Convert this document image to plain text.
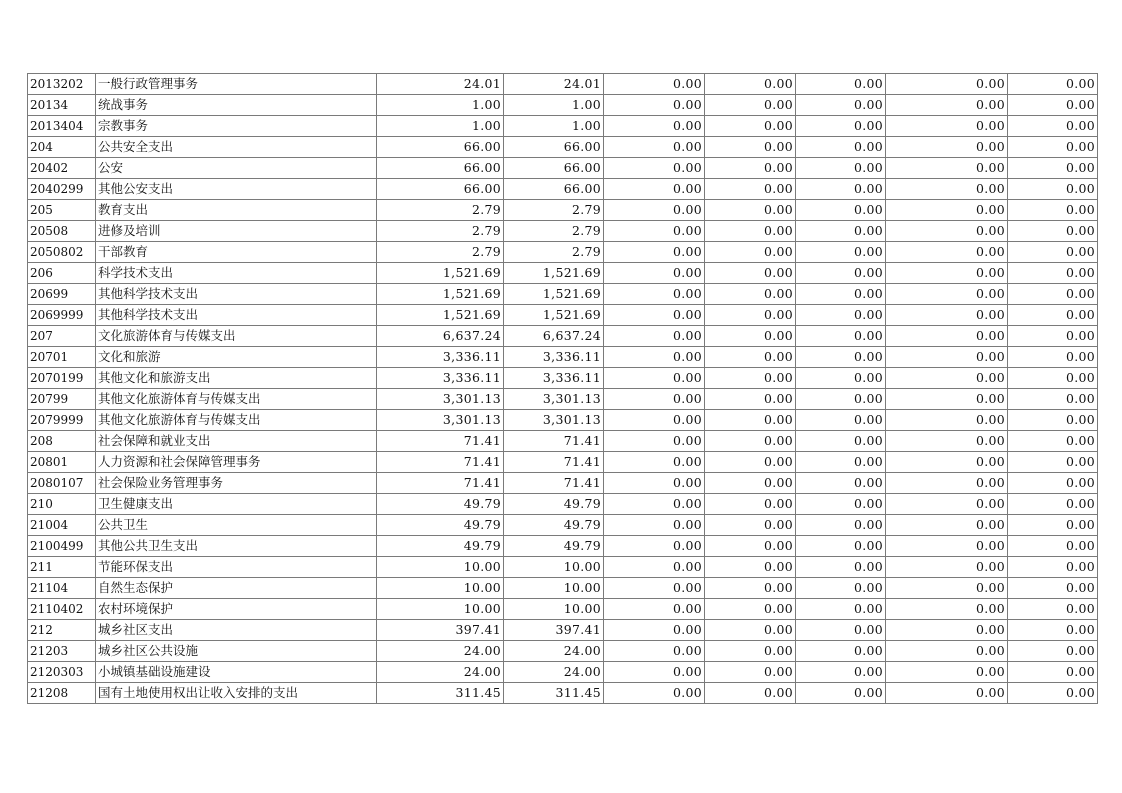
2013202	一般行政管理事务	24.01	24.01	0.00	0.00	0.00	0.00	0.00
20134	统战事务	1.00	1.00	0.00	0.00	0.00	0.00	0.00
2013404	宗教事务	1.00	1.00	0.00	0.00	0.00	0.00	0.00
204	公共安全支出	66.00	66.00	0.00	0.00	0.00	0.00	0.00
20402	公安	66.00	66.00	0.00	0.00	0.00	0.00	0.00
2040299	其他公安支出	66.00	66.00	0.00	0.00	0.00	0.00	0.00
205	教育支出	2.79	2.79	0.00	0.00	0.00	0.00	0.00
20508	进修及培训	2.79	2.79	0.00	0.00	0.00	0.00	0.00
2050802	干部教育	2.79	2.79	0.00	0.00	0.00	0.00	0.00
206	科学技术支出	1,521.69	1,521.69	0.00	0.00	0.00	0.00	0.00
20699	其他科学技术支出	1,521.69	1,521.69	0.00	0.00	0.00	0.00	0.00
2069999	其他科学技术支出	1,521.69	1,521.69	0.00	0.00	0.00	0.00	0.00
207	文化旅游体育与传媒支出	6,637.24	6,637.24	0.00	0.00	0.00	0.00	0.00
20701	文化和旅游	3,336.11	3,336.11	0.00	0.00	0.00	0.00	0.00
2070199	其他文化和旅游支出	3,336.11	3,336.11	0.00	0.00	0.00	0.00	0.00
20799	其他文化旅游体育与传媒支出	3,301.13	3,301.13	0.00	0.00	0.00	0.00	0.00
2079999	其他文化旅游体育与传媒支出	3,301.13	3,301.13	0.00	0.00	0.00	0.00	0.00
208	社会保障和就业支出	71.41	71.41	0.00	0.00	0.00	0.00	0.00
20801	人力资源和社会保障管理事务	71.41	71.41	0.00	0.00	0.00	0.00	0.00
2080107	社会保险业务管理事务	71.41	71.41	0.00	0.00	0.00	0.00	0.00
210	卫生健康支出	49.79	49.79	0.00	0.00	0.00	0.00	0.00
21004	公共卫生	49.79	49.79	0.00	0.00	0.00	0.00	0.00
2100499	其他公共卫生支出	49.79	49.79	0.00	0.00	0.00	0.00	0.00
211	节能环保支出	10.00	10.00	0.00	0.00	0.00	0.00	0.00
21104	自然生态保护	10.00	10.00	0.00	0.00	0.00	0.00	0.00
2110402	农村环境保护	10.00	10.00	0.00	0.00	0.00	0.00	0.00
212	城乡社区支出	397.41	397.41	0.00	0.00	0.00	0.00	0.00
21203	城乡社区公共设施	24.00	24.00	0.00	0.00	0.00	0.00	0.00
2120303	小城镇基础设施建设	24.00	24.00	0.00	0.00	0.00	0.00	0.00
21208	国有土地使用权出让收入安排的支出	311.45	311.45	0.00	0.00	0.00	0.00	0.00
